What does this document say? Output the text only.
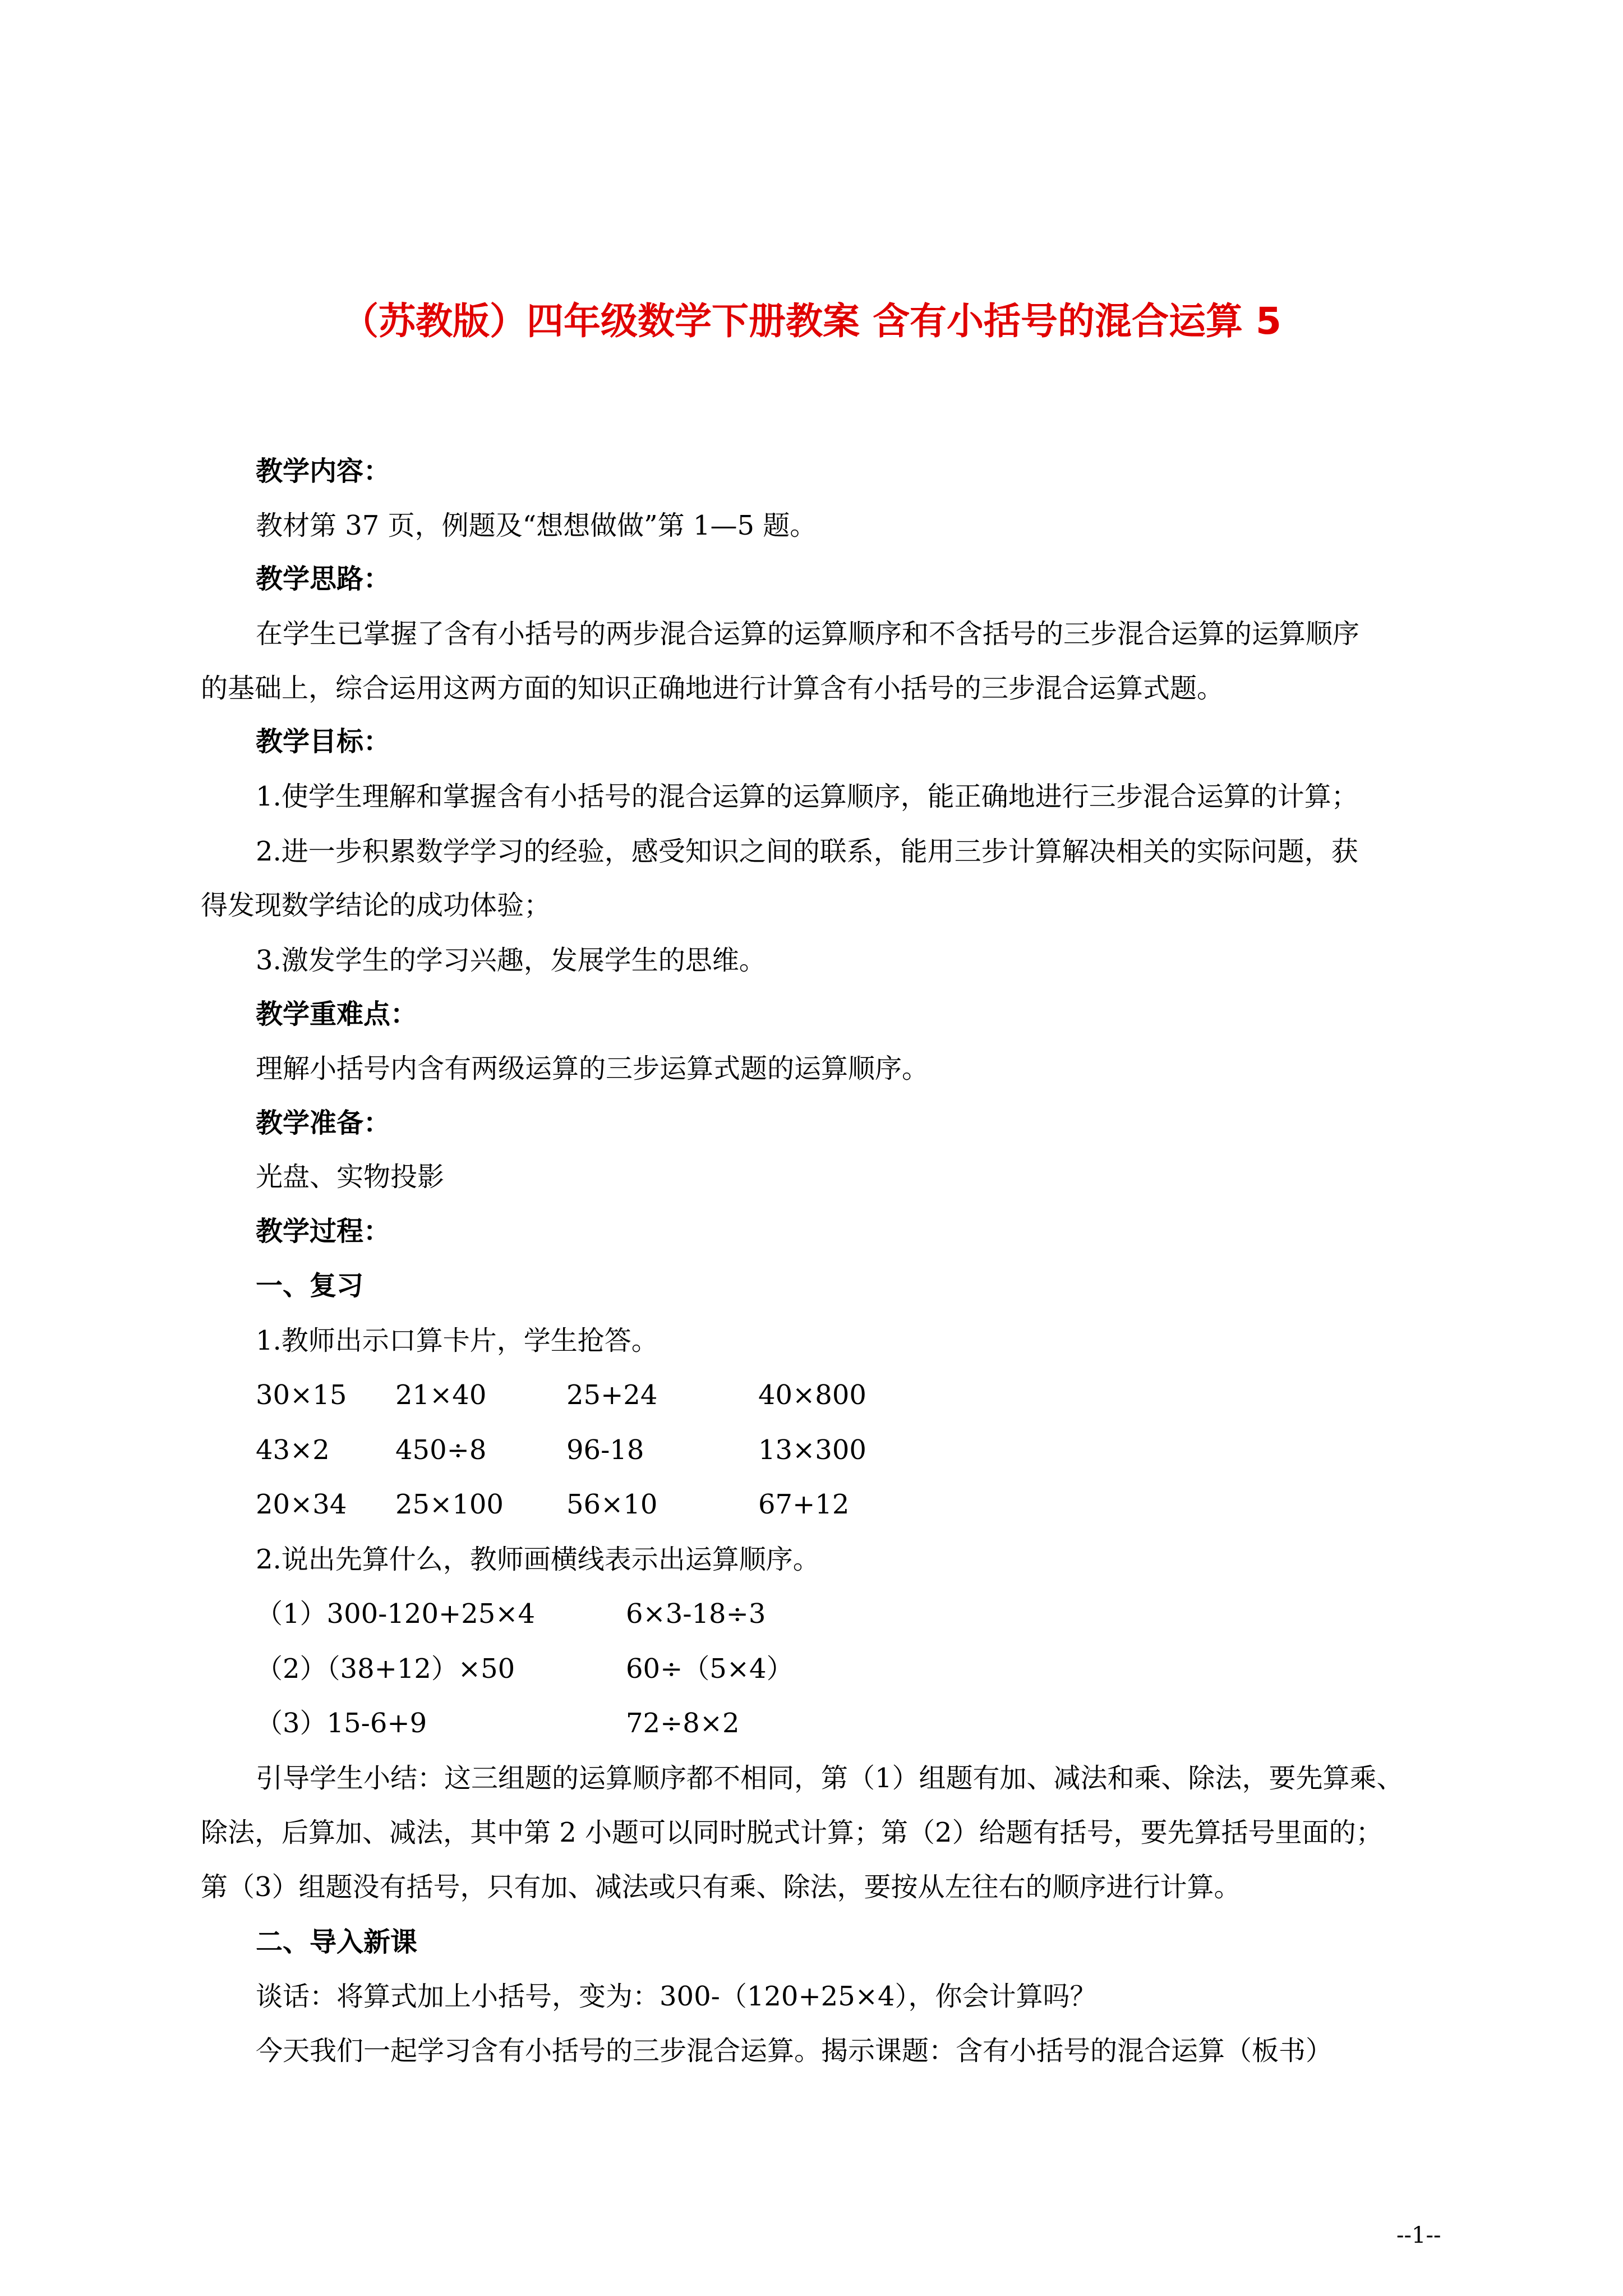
（苏教版）四年级数学下册教案 含有小括号的混合运算 5
教学内容：
教材第 37 页，例题及“想想做做”第 1—5 题。
教学思路：
在学生已掌握了含有小括号的两步混合运算的运算顺序和不含括号的三步混合运算的运算顺序
的基础上，综合运用这两方面的知识正确地进行计算含有小括号的三步混合运算式题。
教学目标：
1.使学生理解和掌握含有小括号的混合运算的运算顺序，能正确地进行三步混合运算的计算；
2.进一步积累数学学习的经验，感受知识之间的联系，能用三步计算解决相关的实际问题，获
得发现数学结论的成功体验；
3.激发学生的学习兴趣，发展学生的思维。
教学重难点：
理解小括号内含有两级运算的三步运算式题的运算顺序。
教学准备：
光盘、实物投影
教学过程：
一、复习
1.教师出示口算卡片，学生抢答。
30×15 21×40	25+24	40×800
43×2 450÷8	96-18	13×300
20×34 25×100 56×10	67+12
2.说出先算什么，教师画横线表示出运算顺序。
（1）300-120+25×4	6×3-18÷3
（2）（38+12）×50	60÷（5×4）
（3）15-6+9	72÷8×2
引导学生小结：这三组题的运算顺序都不相同，第（1）组题有加、减法和乘、除法，要先算乘、
除法，后算加、减法，其中第 2 小题可以同时脱式计算；第（2）给题有括号，要先算括号里面的；
第（3）组题没有括号，只有加、减法或只有乘、除法，要按从左往右的顺序进行计算。
二、导入新课
谈话：将算式加上小括号，变为：300-（120+25×4），你会计算吗？
今天我们一起学习含有小括号的三步混合运算。揭示课题：含有小括号的混合运算（板书）
--1--
